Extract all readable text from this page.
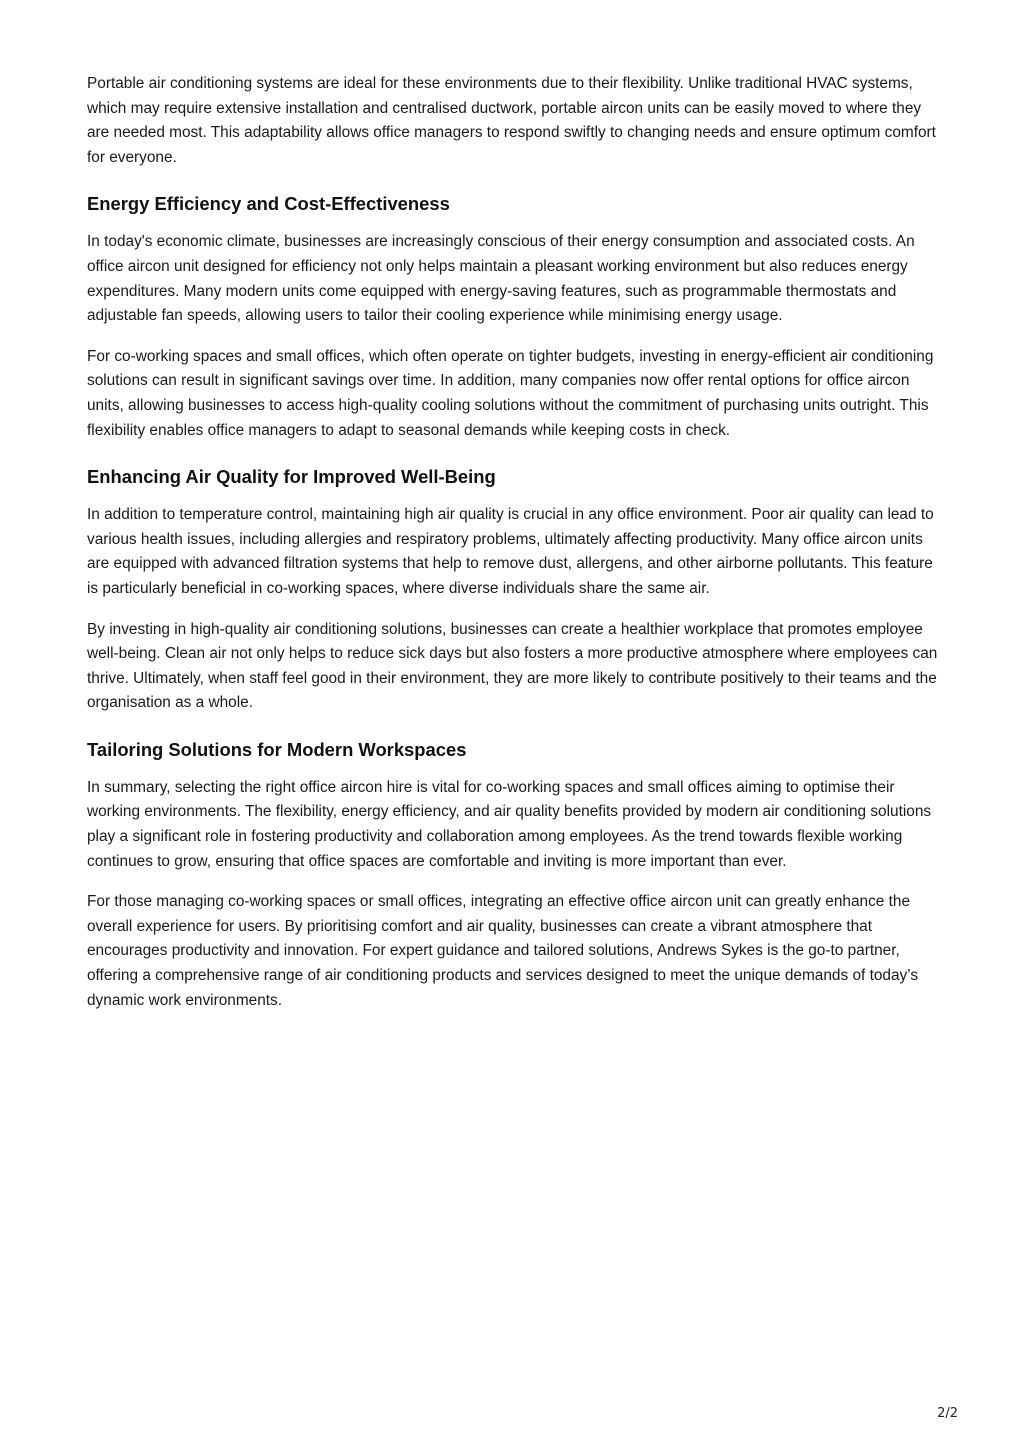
Portable air conditioning systems are ideal for these environments due to their flexibility. Unlike traditional HVAC systems, which may require extensive installation and centralised ductwork, portable aircon units can be easily moved to where they are needed most. This adaptability allows office managers to respond swiftly to changing needs and ensure optimum comfort for everyone.

Energy Efficiency and Cost-Effectiveness

In today's economic climate, businesses are increasingly conscious of their energy consumption and associated costs. An office aircon unit designed for efficiency not only helps maintain a pleasant working environment but also reduces energy expenditures. Many modern units come equipped with energy-saving features, such as programmable thermostats and adjustable fan speeds, allowing users to tailor their cooling experience while minimising energy usage.

For co-working spaces and small offices, which often operate on tighter budgets, investing in energy-efficient air conditioning solutions can result in significant savings over time. In addition, many companies now offer rental options for office aircon units, allowing businesses to access high-quality cooling solutions without the commitment of purchasing units outright. This flexibility enables office managers to adapt to seasonal demands while keeping costs in check.

Enhancing Air Quality for Improved Well-Being

In addition to temperature control, maintaining high air quality is crucial in any office environment. Poor air quality can lead to various health issues, including allergies and respiratory problems, ultimately affecting productivity. Many office aircon units are equipped with advanced filtration systems that help to remove dust, allergens, and other airborne pollutants. This feature is particularly beneficial in co-working spaces, where diverse individuals share the same air.

By investing in high-quality air conditioning solutions, businesses can create a healthier workplace that promotes employee well-being. Clean air not only helps to reduce sick days but also fosters a more productive atmosphere where employees can thrive. Ultimately, when staff feel good in their environment, they are more likely to contribute positively to their teams and the organisation as a whole.

Tailoring Solutions for Modern Workspaces

In summary, selecting the right office aircon hire is vital for co-working spaces and small offices aiming to optimise their working environments. The flexibility, energy efficiency, and air quality benefits provided by modern air conditioning solutions play a significant role in fostering productivity and collaboration among employees. As the trend towards flexible working continues to grow, ensuring that office spaces are comfortable and inviting is more important than ever.

For those managing co-working spaces or small offices, integrating an effective office aircon unit can greatly enhance the overall experience for users. By prioritising comfort and air quality, businesses can create a vibrant atmosphere that encourages productivity and innovation. For expert guidance and tailored solutions, Andrews Sykes is the go-to partner, offering a comprehensive range of air conditioning products and services designed to meet the unique demands of today’s dynamic work environments.

2/2
